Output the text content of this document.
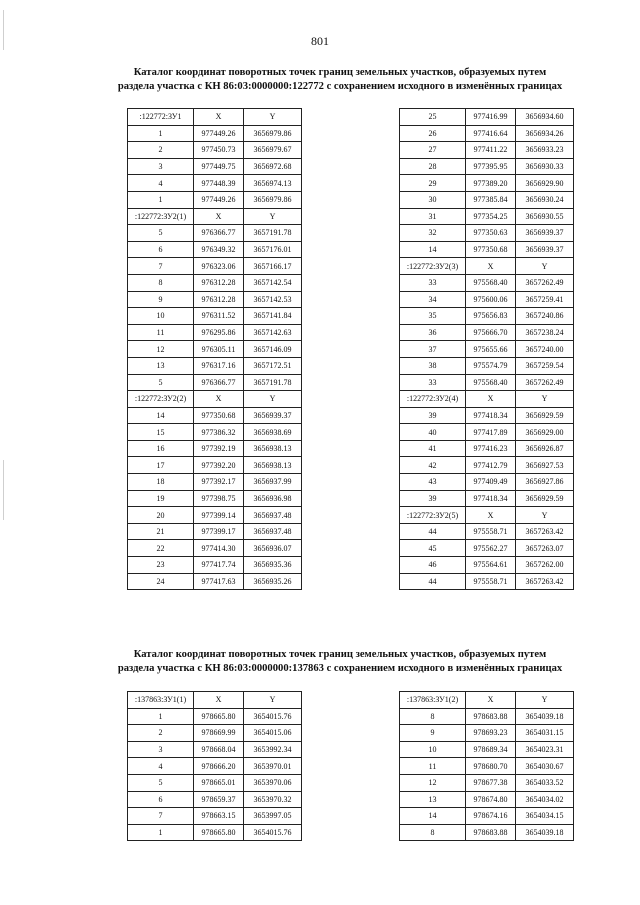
801
Каталог координат поворотных точек границ земельных участков, образуемых путем
раздела участка с КН 86:03:0000000:122772 с сохранением исходного в изменённых границах
:122772:ЗУ1	X	Y
1	977449.26	3656979.86
2	977450.73	3656979.67
3	977449.75	3656972.68
4	977448.39	3656974.13
1	977449.26	3656979.86
:122772:ЗУ2(1)	X	Y
5	976366.77	3657191.78
6	976349.32	3657176.01
7	976323.06	3657166.17
8	976312.28	3657142.54
9	976312.28	3657142.53
10	976311.52	3657141.84
11	976295.86	3657142.63
12	976305.11	3657146.09
13	976317.16	3657172.51
5	976366.77	3657191.78
:122772:ЗУ2(2)	X	Y
14	977350.68	3656939.37
15	977386.32	3656938.69
16	977392.19	3656938.13
17	977392.20	3656938.13
18	977392.17	3656937.99
19	977398.75	3656936.98
20	977399.14	3656937.48
21	977399.17	3656937.48
22	977414.30	3656936.07
23	977417.74	3656935.36
24	977417.63	3656935.26
25	977416.99	3656934.60
26	977416.64	3656934.26
27	977411.22	3656933.23
28	977395.95	3656930.33
29	977389.20	3656929.90
30	977385.84	3656930.24
31	977354.25	3656930.55
32	977350.63	3656939.37
14	977350.68	3656939.37
:122772:ЗУ2(3)	X	Y
33	975568.40	3657262.49
34	975600.06	3657259.41
35	975656.83	3657240.86
36	975666.70	3657238.24
37	975655.66	3657240.00
38	975574.79	3657259.54
33	975568.40	3657262.49
:122772:ЗУ2(4)	X	Y
39	977418.34	3656929.59
40	977417.89	3656929.00
41	977416.23	3656926.87
42	977412.79	3656927.53
43	977409.49	3656927.86
39	977418.34	3656929.59
:122772:ЗУ2(5)	X	Y
44	975558.71	3657263.42
45	975562.27	3657263.07
46	975564.61	3657262.00
44	975558.71	3657263.42
Каталог координат поворотных точек границ земельных участков, образуемых путем
раздела участка с КН 86:03:0000000:137863 с сохранением исходного в изменённых границах
:137863:ЗУ1(1)	X	Y
1	978665.80	3654015.76
2	978669.99	3654015.06
3	978668.04	3653992.34
4	978666.20	3653970.01
5	978665.01	3653970.06
6	978659.37	3653970.32
7	978663.15	3653997.05
1	978665.80	3654015.76
:137863:ЗУ1(2)	X	Y
8	978683.88	3654039.18
9	978693.23	3654031.15
10	978689.34	3654023.31
11	978680.70	3654030.67
12	978677.38	3654033.52
13	978674.80	3654034.02
14	978674.16	3654034.15
8	978683.88	3654039.18
